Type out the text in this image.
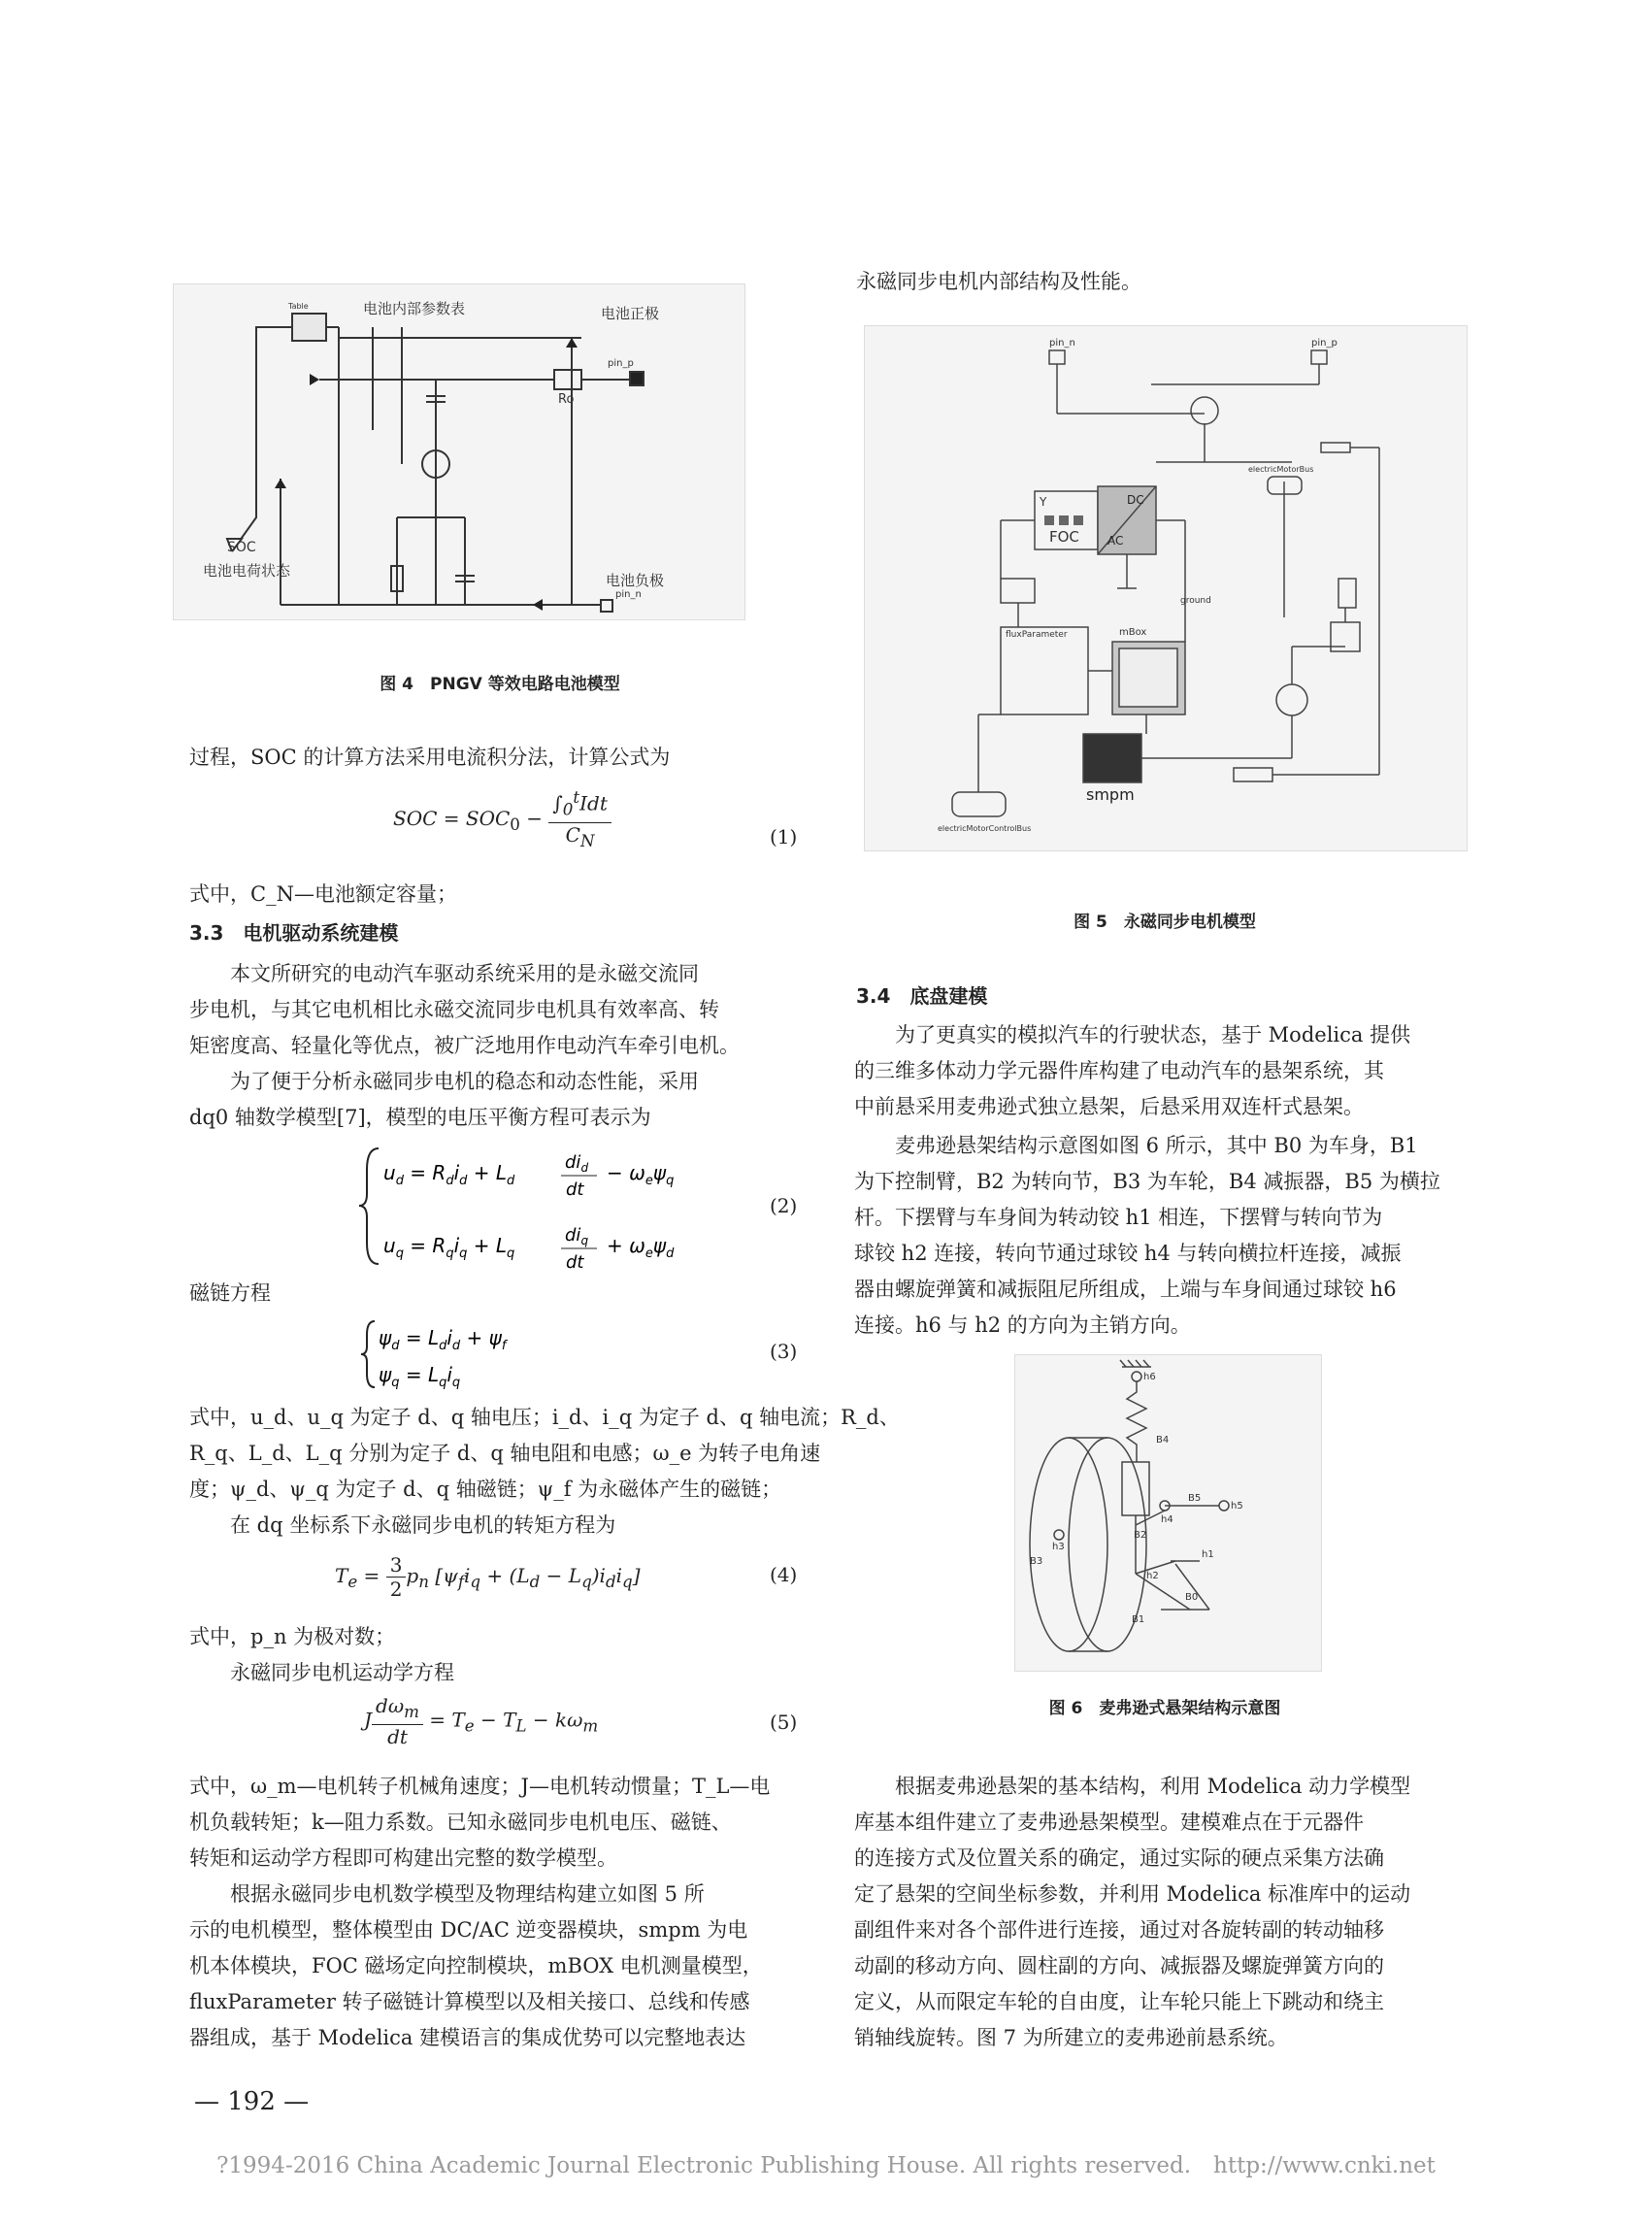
Table	电池内部参数表	电池正极
pin_p
Ro
SOC
电池电荷状态
电池负极
pin_n
图 4　PNGV 等效电路电池模型
过程，SOC 的计算方法采用电流积分法，计算公式为
SOC = $SOC_0 - \frac{\int_0^tIdt}{C_N}$	(1)
式中，C_N—电池额定容量；
3.3　电机驱动系统建模
本文所研究的电动汽车驱动系统采用的是永磁交流同
步电机，与其它电机相比永磁交流同步电机具有效率高、转
矩密度高、轻量化等优点，被广泛地用作电动汽车牵引电机。
为了便于分析永磁同步电机的稳态和动态性能，采用
dq0 轴数学模型[7]，模型的电压平衡方程可表示为
$u_d = R_di_d + L_d$
$di_d$
dt
− $\omega_e\psi_q$
$u_q = R_qi_q + L_q$
$di_q$
dt
+ $\omega_e\psi_d$
(2)
磁链方程
$\psi_d = L_di_d + \psi_f$
$\psi_q = L_qi_q$
(3)
式中，u_d、u_q 为定子 d、q 轴电压；i_d、i_q 为定子 d、q 轴电流；R_d、
R_q、L_d、L_q 分别为定子 d、q 轴电阻和电感；ω_e 为转子电角速
度；ψ_d、ψ_q 为定子 d、q 轴磁链；ψ_f 为永磁体产生的磁链；
在 dq 坐标系下永磁同步电机的转矩方程为
$T_e = \frac{3}{2} p_n$ $[\psi_fi_q + (L_d - L_q)i_di_q]$	(4)
式中，p_n 为极对数；
永磁同步电机运动学方程
J $\frac{d\omega_m}{dt} = T_e - T_L - k\omega_m$	(5)
式中，ω_m—电机转子机械角速度；J—电机转动惯量；T_L—电
机负载转矩；k—阻力系数。已知永磁同步电机电压、磁链、
转矩和运动学方程即可构建出完整的数学模型。
根据永磁同步电机数学模型及物理结构建立如图 5 所
示的电机模型，整体模型由 DC/AC 逆变器模块，smpm 为电
机本体模块，FOC 磁场定向控制模块，mBOX 电机测量模型，
fluxParameter 转子磁链计算模型以及相关接口、总线和传感
器组成，基于 Modelica 建模语言的集成优势可以完整地表达
— 192 —
永磁同步电机内部结构及性能。
pin_n	pin_p
FOC
Y	DC
AC
mBox
fluxParameter
smpm
electricMotorBus
electricMotorControlBus
ground
图 5　永磁同步电机模型
3.4　底盘建模
为了更真实的模拟汽车的行驶状态，基于 Modelica 提供
的三维多体动力学元器件库构建了电动汽车的悬架系统，其
中前悬采用麦弗逊式独立悬架，后悬采用双连杆式悬架。
麦弗逊悬架结构示意图如图 6 所示，其中 B0 为车身，B1
为下控制臂，B2 为转向节，B3 为车轮，B4 减振器，B5 为横拉
杆。下摆臂与车身间为转动铰 h1 相连，下摆臂与转向节为
球铰 h2 连接，转向节通过球铰 h4 与转向横拉杆连接，减振
器由螺旋弹簧和减振阻尼所组成，上端与车身间通过球铰 h6
连接。h6 与 h2 的方向为主销方向。
h6
B4
B5
h5
B2
h4
h3
B3
h2
h1
B0
B1
图 6　麦弗逊式悬架结构示意图
根据麦弗逊悬架的基本结构，利用 Modelica 动力学模型
库基本组件建立了麦弗逊悬架模型。建模难点在于元器件
的连接方式及位置关系的确定，通过实际的硬点采集方法确
定了悬架的空间坐标参数，并利用 Modelica 标准库中的运动
副组件来对各个部件进行连接，通过对各旋转副的转动轴移
动副的移动方向、圆柱副的方向、减振器及螺旋弹簧方向的
定义，从而限定车轮的自由度，让车轮只能上下跳动和绕主
销轴线旋转。图 7 为所建立的麦弗逊前悬系统。
?1994-2016 China Academic Journal Electronic Publishing House. All rights reserved.　http://www.cnki.net
